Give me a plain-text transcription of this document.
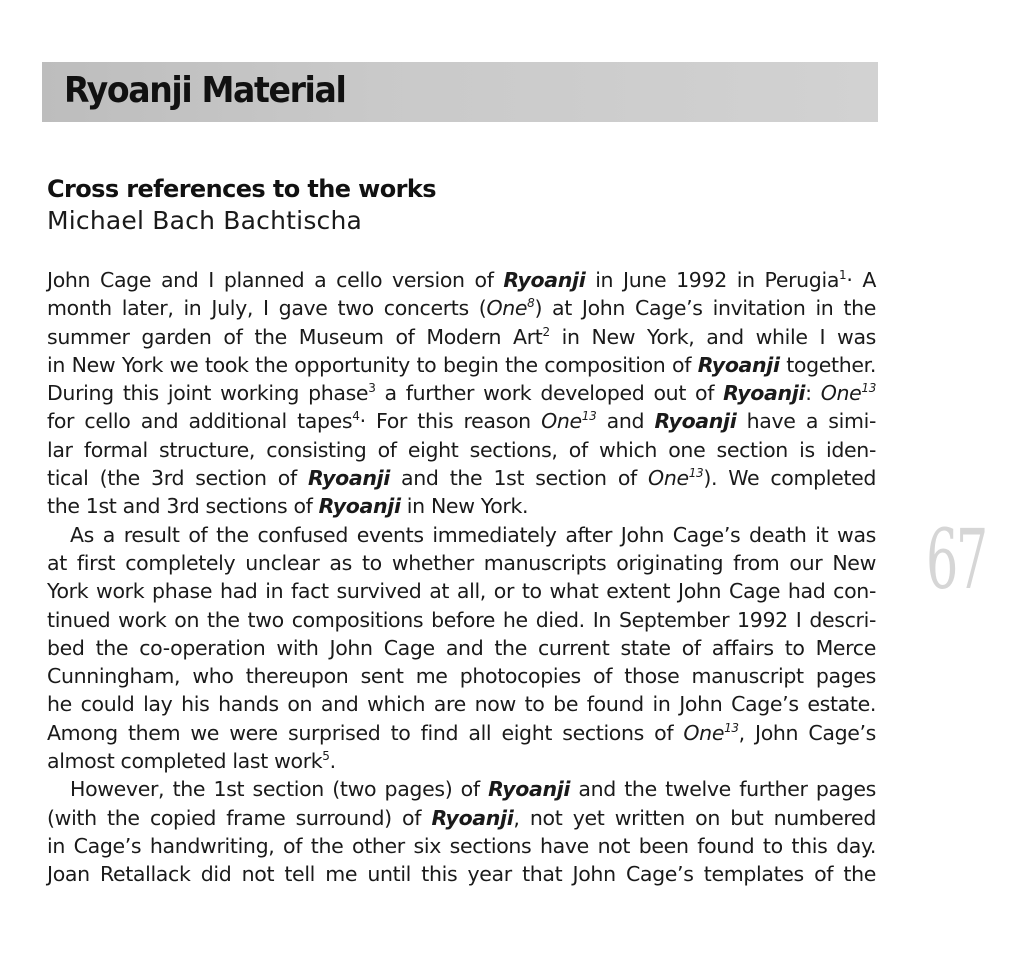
Ryoanji Material
Cross references to the works
Michael Bach Bachtischa
John Cage and I planned a cello version of Ryoanji in June 1992 in Perugia$^1$· A
month later, in July, I gave two concerts (One$^8$) at John Cage’s invitation in the
summer garden of the Museum of Modern Art$^2$ in New York, and while I was
in New York we took the opportunity to begin the composition of Ryoanji together.
During this joint working phase$^3$ a further work developed out of Ryoanji: One$^{13}$
for cello and additional tapes$^4$· For this reason One$^{13}$ and Ryoanji have a simi-
lar formal structure, consisting of eight sections, of which one section is iden-
tical (the 3rd section of Ryoanji and the 1st section of One$^{13}$). We completed
the 1st and 3rd sections of Ryoanji in New York.
As a result of the confused events immediately after John Cage’s death it was
at first completely unclear as to whether manuscripts originating from our New
York work phase had in fact survived at all, or to what extent John Cage had con-
tinued work on the two compositions before he died. In September 1992 I descri-
bed the co-operation with John Cage and the current state of affairs to Merce
Cunningham, who thereupon sent me photocopies of those manuscript pages
he could lay his hands on and which are now to be found in John Cage’s estate.
Among them we were surprised to find all eight sections of One$^{13}$, John Cage’s
almost completed last work$^5$.
However, the 1st section (two pages) of Ryoanji and the twelve further pages
(with the copied frame surround) of Ryoanji, not yet written on but numbered
in Cage’s handwriting, of the other six sections have not been found to this day.
Joan Retallack did not tell me until this year that John Cage’s templates of the
67
